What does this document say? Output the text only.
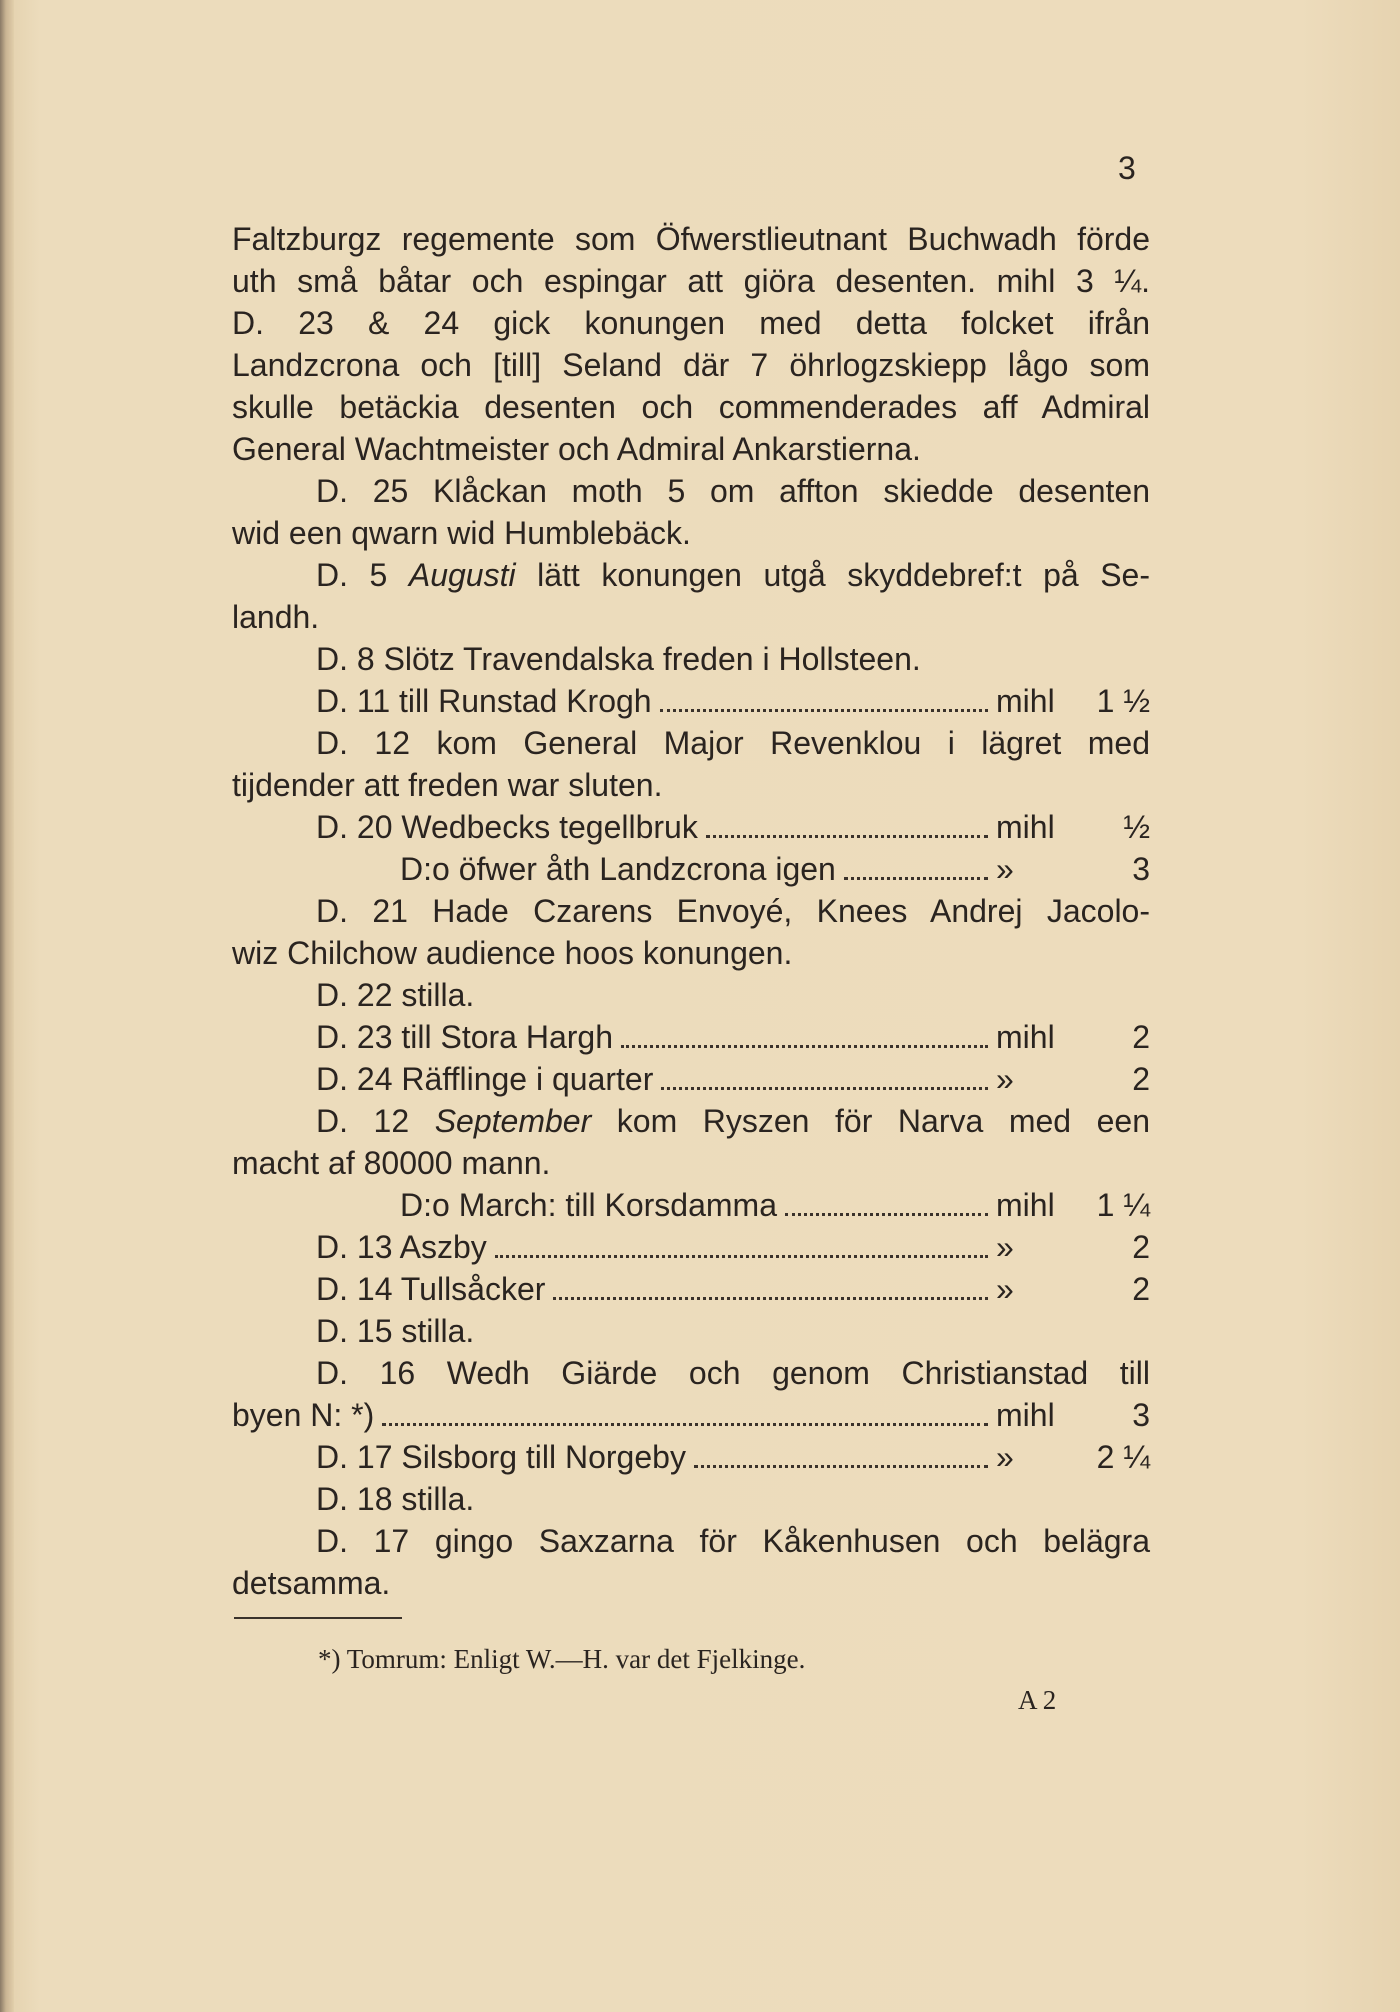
3
Faltzburgz regemente som Öfwerstlieutnant Buchwadh förde
uth små båtar och espingar att giöra desenten. mihl 3 ¼.
D. 23 & 24 gick konungen med detta folcket ifrån
Landzcrona och [till] Seland där 7 öhrlogzskiepp lågo som
skulle betäckia desenten och commenderades aff Admiral
General Wachtmeister och Admiral Ankarstierna.
D. 25 Klåckan moth 5 om affton skiedde desenten
wid een qwarn wid Humblebäck.
D. 5 Augusti lätt konungen utgå skyddebref:t på Se-
landh.
D. 8 Slötz Travendalska freden i Hollsteen.
D. 11 till Runstad Krogh	mihl	1 ½
D. 12 kom General Major Revenklou i lägret med
tijdender att freden war sluten.
D. 20 Wedbecks tegellbruk	mihl	½
D:o öfwer åth Landzcrona igen	»	3
D. 21 Hade Czarens Envoyé, Knees Andrej Jacolo-
wiz Chilchow audience hoos konungen.
D. 22 stilla.
D. 23 till Stora Hargh	mihl	2
D. 24 Räfflinge i quarter	»	2
D. 12 September kom Ryszen för Narva med een
macht af 80000 mann.
D:o March: till Korsdamma	mihl	1 ¼
D. 13 Aszby	»	2
D. 14 Tullsåcker	»	2
D. 15 stilla.
D. 16 Wedh Giärde och genom Christianstad till
byen N: *)	mihl	3
D. 17 Silsborg till Norgeby	»	2 ¼
D. 18 stilla.
D. 17 gingo Saxzarna för Kåkenhusen och belägra
detsamma.
*) Tomrum: Enligt W.—H. var det Fjelkinge.
A 2
